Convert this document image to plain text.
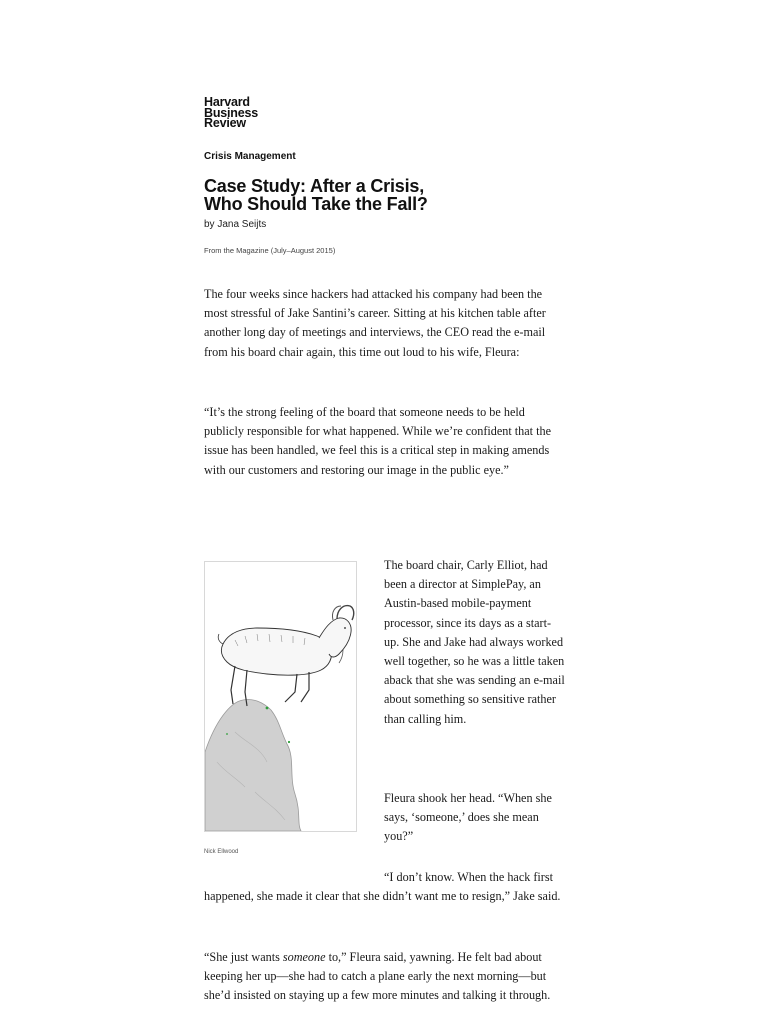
Harvard
Business
Review
Crisis Management
Case Study: After a Crisis,
Who Should Take the Fall?
by Jana Seijts
From the Magazine (July–August 2015)

The four weeks since hackers had attacked his company had been the most stressful of Jake Santini’s career. Sitting at his kitchen table after another long day of meetings and interviews, the CEO read the e-mail from his board chair again, this time out loud to his wife, Fleura:

“It’s the strong feeling of the board that someone needs to be held publicly responsible for what happened. While we’re confident that the issue has been handled, we feel this is a critical step in making amends with our customers and restoring our image in the public eye.”

Nick Ellwood

The board chair, Carly Elliot, had been a director at SimplePay, an Austin-based mobile-payment processor, since its days as a start-up. She and Jake had always worked well together, so he was a little taken aback that she was sending an e-mail about something so sensitive rather than calling him.

Fleura shook her head. “When she says, ‘someone,’ does she mean you?”

“I don’t know. When the hack first happened, she made it clear that she didn’t want me to resign,” Jake said.

“She just wants someone to,” Fleura said, yawning. He felt bad about keeping her up—she had to catch a plane early the next morning—but she’d insisted on staying up a few more minutes and talking it through.
